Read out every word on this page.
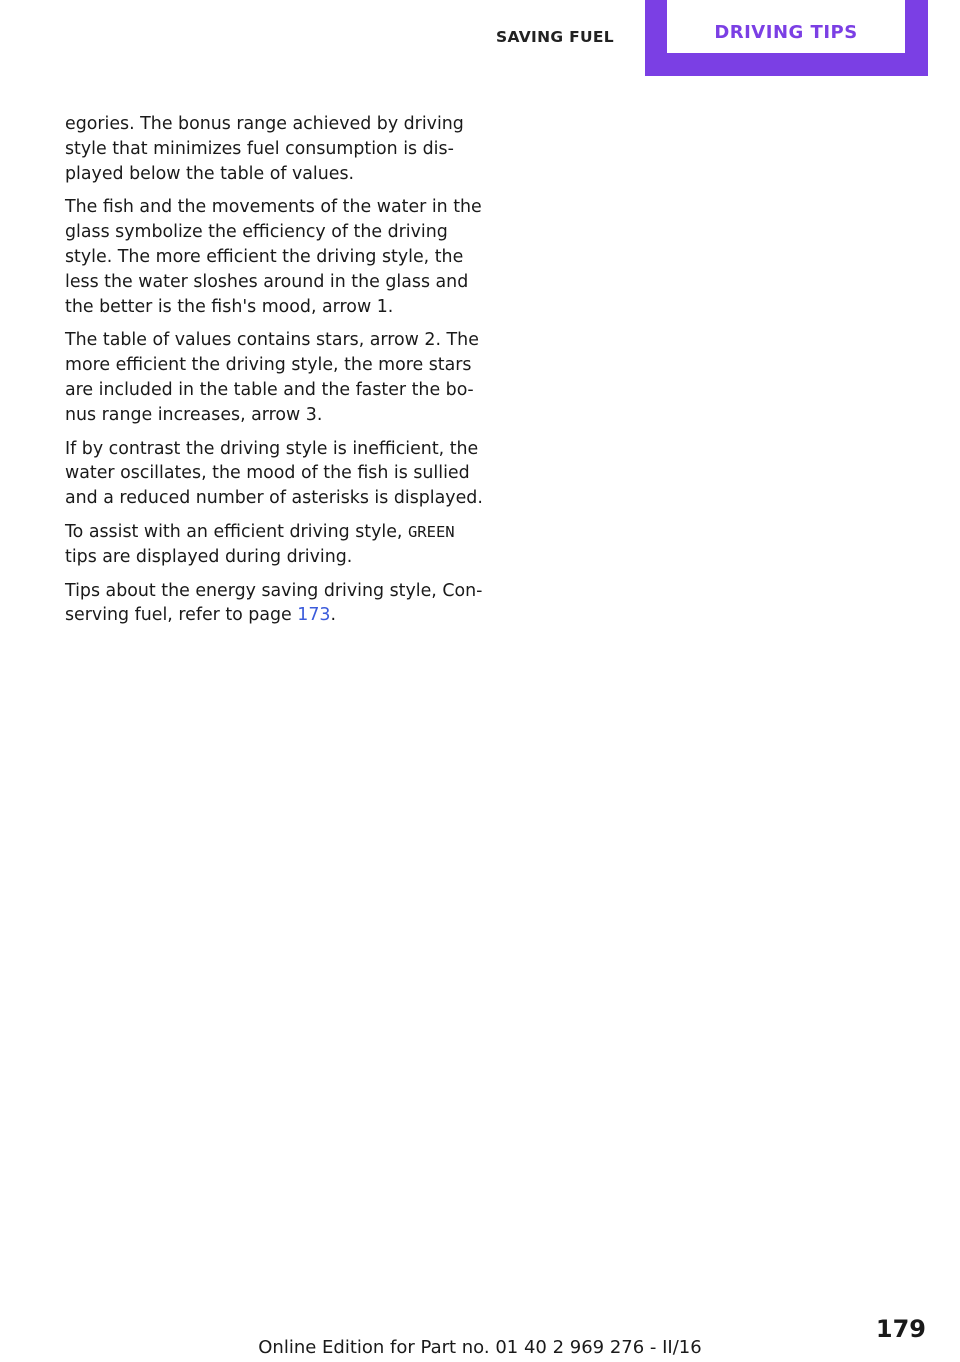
SAVING FUEL	DRIVING TIPS

egories. The bonus range achieved by driving style that minimizes fuel consumption is dis‐ played below the table of values.

The fish and the movements of the water in the glass symbolize the efficiency of the driving style. The more efficient the driving style, the less the water sloshes around in the glass and the better is the fish's mood, arrow 1.

The table of values contains stars, arrow 2. The more efficient the driving style, the more stars are included in the table and the faster the bo‐ nus range increases, arrow 3.

If by contrast the driving style is inefficient, the water oscillates, the mood of the fish is sullied and a reduced number of asterisks is displayed.

To assist with an efficient driving style, GREEN tips are displayed during driving.

Tips about the energy saving driving style, Con‐ serving fuel, refer to page 173.

179
Online Edition for Part no. 01 40 2 969 276 - II/16
